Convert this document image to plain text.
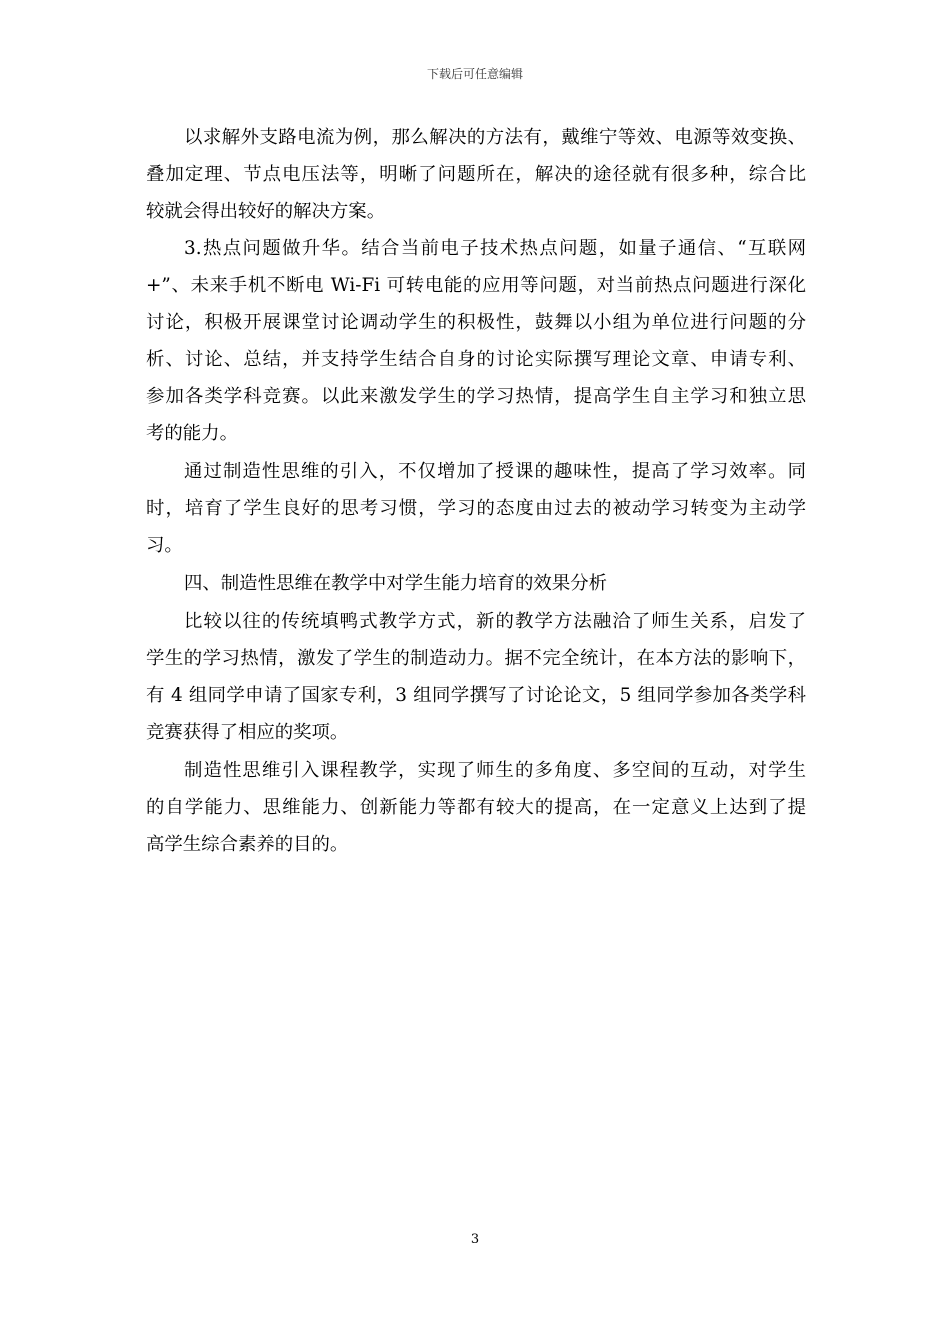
下载后可任意编辑
以求解外支路电流为例，那么解决的方法有，戴维宁等效、电源等效变换、
叠加定理、节点电压法等，明晰了问题所在，解决的途径就有很多种，综合比
较就会得出较好的解决方案。
3.热点问题做升华。结合当前电子技术热点问题，如量子通信、“互联网
+”、未来手机不断电 Wi-Fi 可转电能的应用等问题，对当前热点问题进行深化
讨论，积极开展课堂讨论调动学生的积极性，鼓舞以小组为单位进行问题的分
析、讨论、总结，并支持学生结合自身的讨论实际撰写理论文章、申请专利、
参加各类学科竞赛。以此来激发学生的学习热情，提高学生自主学习和独立思
考的能力。
通过制造性思维的引入，不仅增加了授课的趣味性，提高了学习效率。同
时，培育了学生良好的思考习惯，学习的态度由过去的被动学习转变为主动学
习。
四、制造性思维在教学中对学生能力培育的效果分析
比较以往的传统填鸭式教学方式，新的教学方法融洽了师生关系，启发了
学生的学习热情，激发了学生的制造动力。据不完全统计，在本方法的影响下，
有 4 组同学申请了国家专利，3 组同学撰写了讨论论文，5 组同学参加各类学科
竞赛获得了相应的奖项。
制造性思维引入课程教学，实现了师生的多角度、多空间的互动，对学生
的自学能力、思维能力、创新能力等都有较大的提高，在一定意义上达到了提
高学生综合素养的目的。
3
